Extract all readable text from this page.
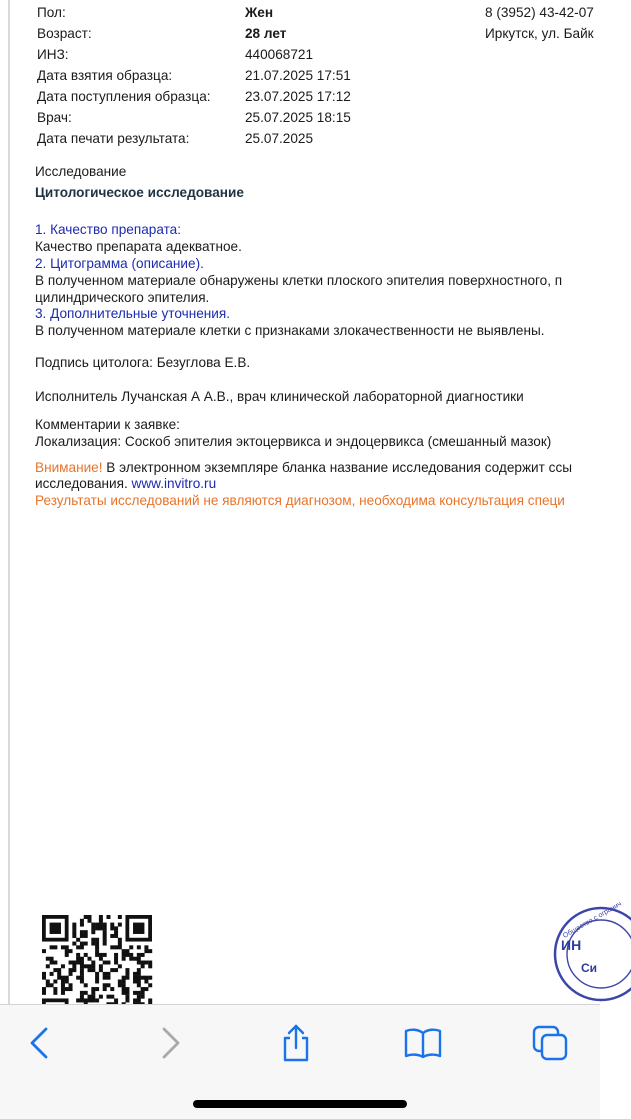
Пол:	Жен	8 (3952) 43-42-07
Возраст:	28 лет	Иркутск, ул. Байк
ИНЗ:	440068721
Дата взятия образца:	21.07.2025 17:51
Дата поступления образца:	23.07.2025 17:12
Врач:	25.07.2025 18:15
Дата печати результата:	25.07.2025
Исследование
Цитологическое исследование
1. Качество препарата:
Качество препарата адекватное.
2. Цитограмма (описание).
В полученном материале обнаружены клетки плоского эпителия поверхностного, п
цилиндрического эпителия.
3. Дополнительные уточнения.
В полученном материале клетки с признаками злокачественности не выявлены.
Подпись цитолога: Безуглова Е.В.
Исполнитель Лучанская А А.В., врач клинической лабораторной диагностики
Комментарии к заявке:
Локализация: Соскоб эпителия эктоцервикса и эндоцервикса (смешанный мазок)
Внимание! В электронном экземпляре бланка название исследования содержит ссы
исследования. www.invitro.ru
Результаты исследований не являются диагнозом, необходима консультация специ
ИН
Си
Общество с огранич
